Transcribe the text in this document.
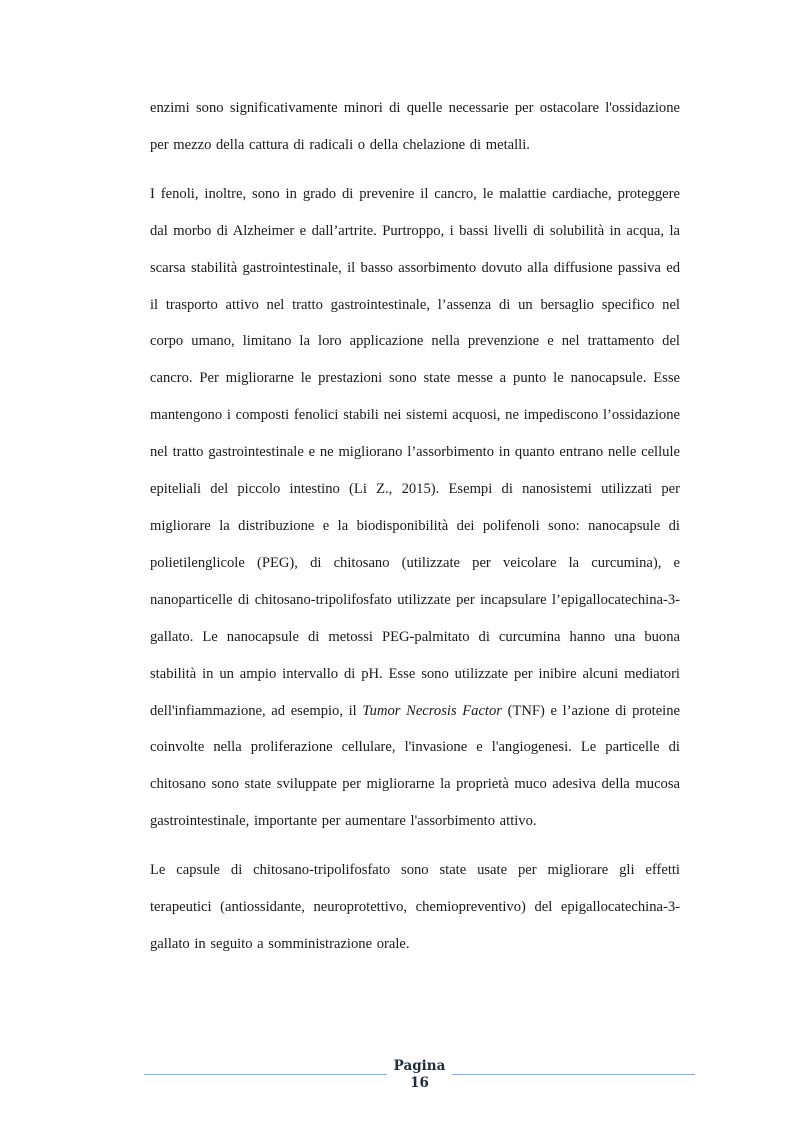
enzimi sono significativamente minori di quelle necessarie per ostacolare l'ossidazione per mezzo della cattura di radicali o della chelazione di metalli.

I fenoli, inoltre, sono in grado di prevenire il cancro, le malattie cardiache, proteggere dal morbo di Alzheimer e dall’artrite. Purtroppo, i bassi livelli di solubilità in acqua, la scarsa stabilità gastrointestinale, il basso assorbimento dovuto alla diffusione passiva ed il trasporto attivo nel tratto gastrointestinale, l’assenza di un bersaglio specifico nel corpo umano, limitano la loro applicazione nella prevenzione e nel trattamento del cancro. Per migliorarne le prestazioni sono state messe a punto le nanocapsule. Esse mantengono i composti fenolici stabili nei sistemi acquosi, ne impediscono l’ossidazione nel tratto gastrointestinale e ne migliorano l’assorbimento in quanto entrano nelle cellule epiteliali del piccolo intestino (Li Z., 2015). Esempi di nanosistemi utilizzati per migliorare la distribuzione e la biodisponibilità dei polifenoli sono: nanocapsule di polietilenglicole (PEG), di chitosano (utilizzate per veicolare la curcumina), e nanoparticelle di chitosano-tripolifosfato utilizzate per incapsulare l’epigallocatechina-3-gallato. Le nanocapsule di metossi PEG-palmitato di curcumina hanno una buona stabilità in un ampio intervallo di pH. Esse sono utilizzate per inibire alcuni mediatori dell'infiammazione, ad esempio, il Tumor Necrosis Factor (TNF) e l’azione di proteine coinvolte nella proliferazione cellulare, l'invasione e l'angiogenesi. Le particelle di chitosano sono state sviluppate per migliorarne la proprietà muco adesiva della mucosa gastrointestinale, importante per aumentare l'assorbimento attivo.

Le capsule di chitosano-tripolifosfato sono state usate per migliorare gli effetti terapeutici (antiossidante, neuroprotettivo, chemiopreventivo) del epigallocatechina-3-gallato in seguito a somministrazione orale.

Pagina
16
